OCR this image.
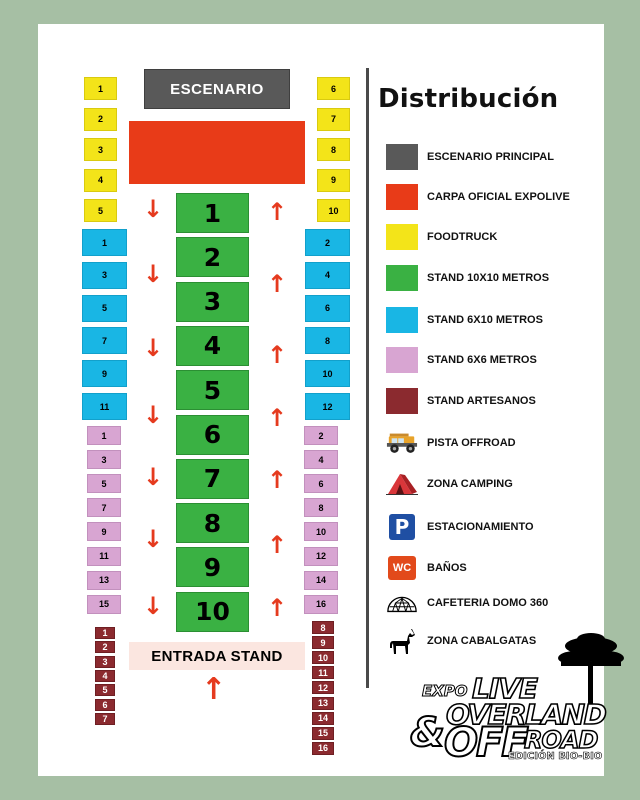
ESCENARIO
ENTRADA STAND
↑
Distribución
1
2
3
4
5
6
7
8
9
10
1
3
5
7
9
11
2
4
6
8
10
12
1
3
5
7
9
11
13
15
2
4
6
8
10
12
14
16
1
2
3
4
5
6
7
8
9
10
1
2
3
4
5
6
7
8
9
10
11
12
13
14
15
16
↓
↓
↓
↓
↓
↓
↓
↑
↑
↑
↑
↑
↑
↑
ESCENARIO PRINCIPAL
CARPA OFICIAL EXPOLIVE
FOODTRUCK
STAND 10X10 METROS
STAND 6X10 METROS
STAND 6X6 METROS
STAND ARTESANOS
PISTA OFFROAD
ZONA CAMPING
P	ESTACIONAMIENTO
WC	BAÑOS
CAFETERIA DOMO 360
ZONA CABALGATAS
EXPO LIVE
OVERLAND
& OFF
ROAD
EDICIÓN BIO-BIO
